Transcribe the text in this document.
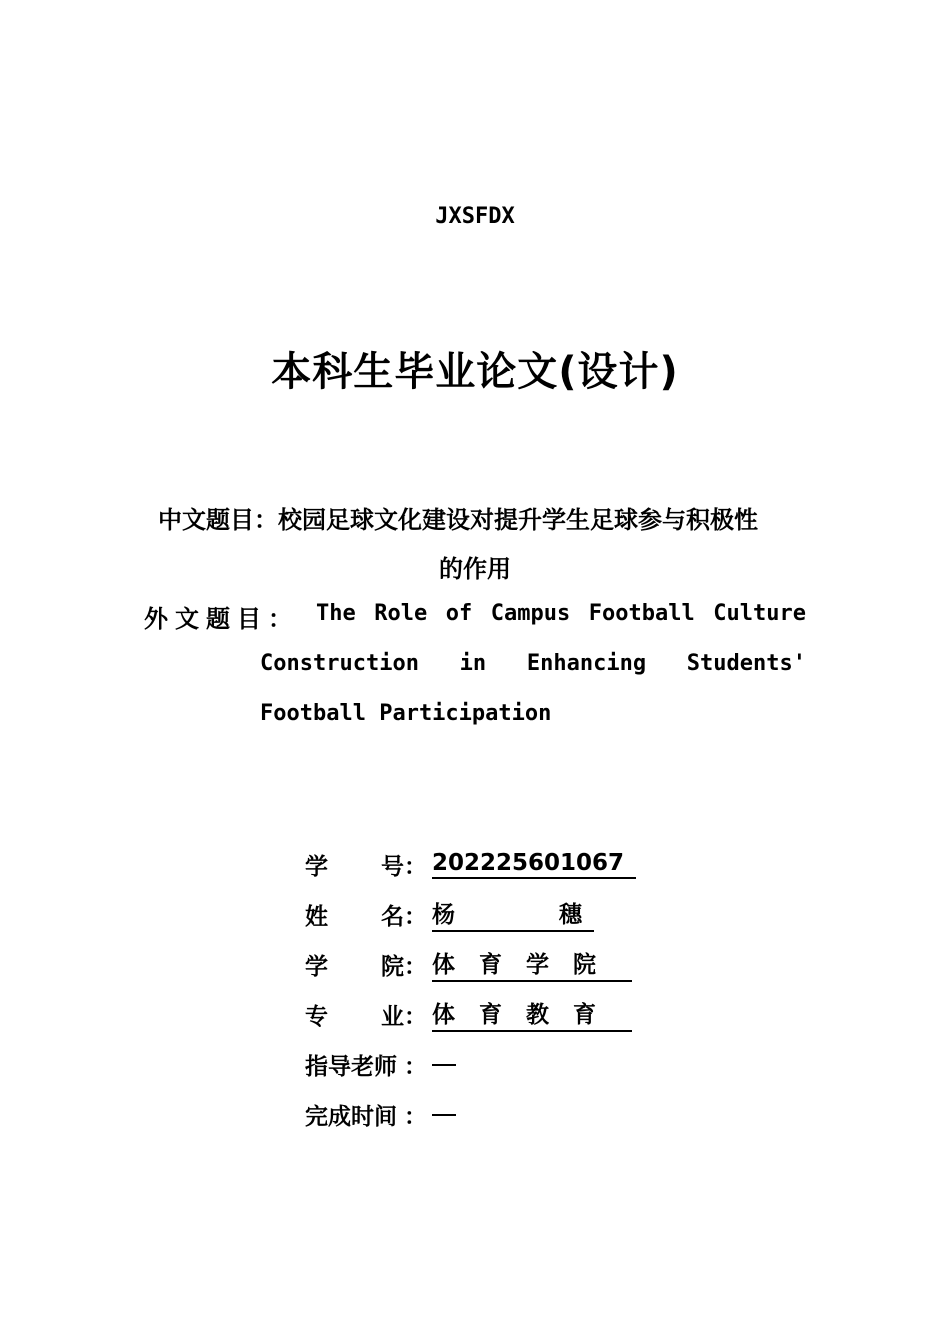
JXSFDX
本科生毕业论文(设计)
中文题目：校园足球文化建设对提升学生足球参与积极性
的作用
外文题目： The Role of Campus Football Culture
Construction in Enhancing Students'
Football Participation
学 号 ： 202225601067
姓 名 ： 杨	穗
学 院 ： 体育学院
专 业 ： 体育教育
指导老师 ：
完成时间 ：
